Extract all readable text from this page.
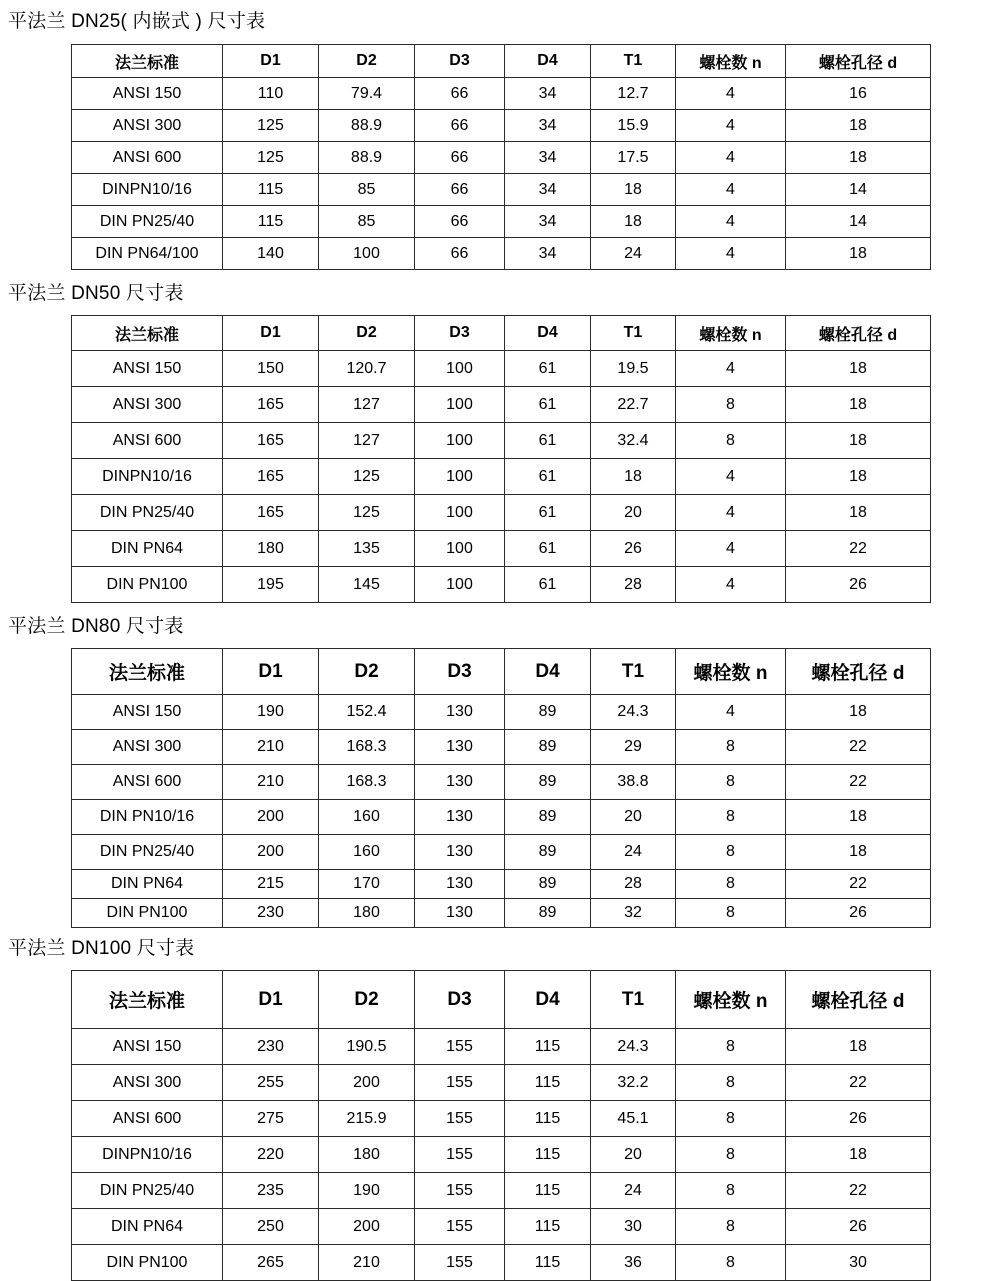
平法兰 DN25( 内嵌式 ) 尺寸表
法兰标准	D1	D2	D3	D4	T1	螺栓数 n	螺栓孔径 d
ANSI 150	110	79.4	66	34	12.7	4	16
ANSI 300	125	88.9	66	34	15.9	4	18
ANSI 600	125	88.9	66	34	17.5	4	18
DINPN10/16	115	85	66	34	18	4	14
DIN PN25/40	115	85	66	34	18	4	14
DIN PN64/100	140	100	66	34	24	4	18
平法兰 DN50 尺寸表
法兰标准	D1	D2	D3	D4	T1	螺栓数 n	螺栓孔径 d
ANSI 150	150	120.7	100	61	19.5	4	18
ANSI 300	165	127	100	61	22.7	8	18
ANSI 600	165	127	100	61	32.4	8	18
DINPN10/16	165	125	100	61	18	4	18
DIN PN25/40	165	125	100	61	20	4	18
DIN PN64	180	135	100	61	26	4	22
DIN PN100	195	145	100	61	28	4	26
平法兰 DN80 尺寸表
法兰标准	D1	D2	D3	D4	T1	螺栓数 n	螺栓孔径 d
ANSI 150	190	152.4	130	89	24.3	4	18
ANSI 300	210	168.3	130	89	29	8	22
ANSI 600	210	168.3	130	89	38.8	8	22
DIN PN10/16	200	160	130	89	20	8	18
DIN PN25/40	200	160	130	89	24	8	18
DIN PN64	215	170	130	89	28	8	22
DIN PN100	230	180	130	89	32	8	26
平法兰 DN100 尺寸表
法兰标准	D1	D2	D3	D4	T1	螺栓数 n	螺栓孔径 d
ANSI 150	230	190.5	155	115	24.3	8	18
ANSI 300	255	200	155	115	32.2	8	22
ANSI 600	275	215.9	155	115	45.1	8	26
DINPN10/16	220	180	155	115	20	8	18
DIN PN25/40	235	190	155	115	24	8	22
DIN PN64	250	200	155	115	30	8	26
DIN PN100	265	210	155	115	36	8	30
